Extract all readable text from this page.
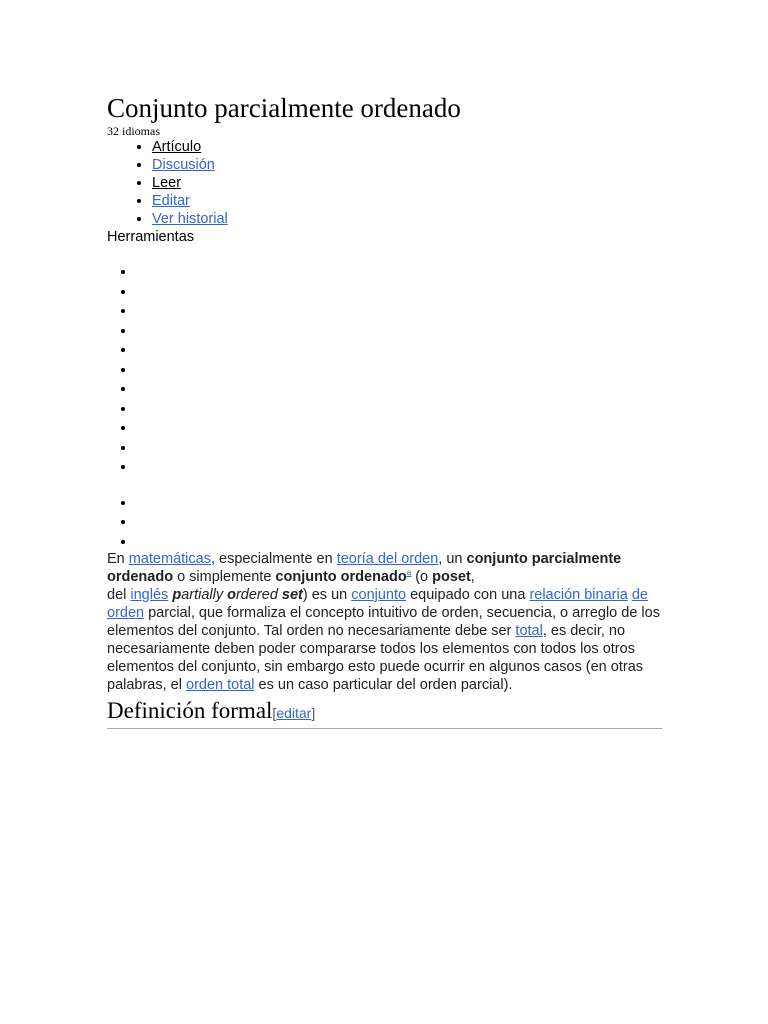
Conjunto parcialmente ordenado
32 idiomas
• Artículo
• Discusión
• Leer
• Editar
• Ver historial
Herramientas
•
•
•
•
•
•
•
•
•
•
•
•
•
•
En matemáticas, especialmente en teoría del orden, un conjunto parcialmente ordenado o simplemente conjunto ordenado$^a$ (o poset,
del inglés partially ordered set) es un conjunto equipado con una relación binaria de orden parcial, que formaliza el concepto intuitivo de orden, secuencia, o arreglo de los elementos del conjunto. Tal orden no necesariamente debe ser total, es decir, no necesariamente deben poder compararse todos los elementos con todos los otros elementos del conjunto, sin embargo esto puede ocurrir en algunos casos (en otras palabras, el orden total es un caso particular del orden parcial).
Definición formal[editar]
